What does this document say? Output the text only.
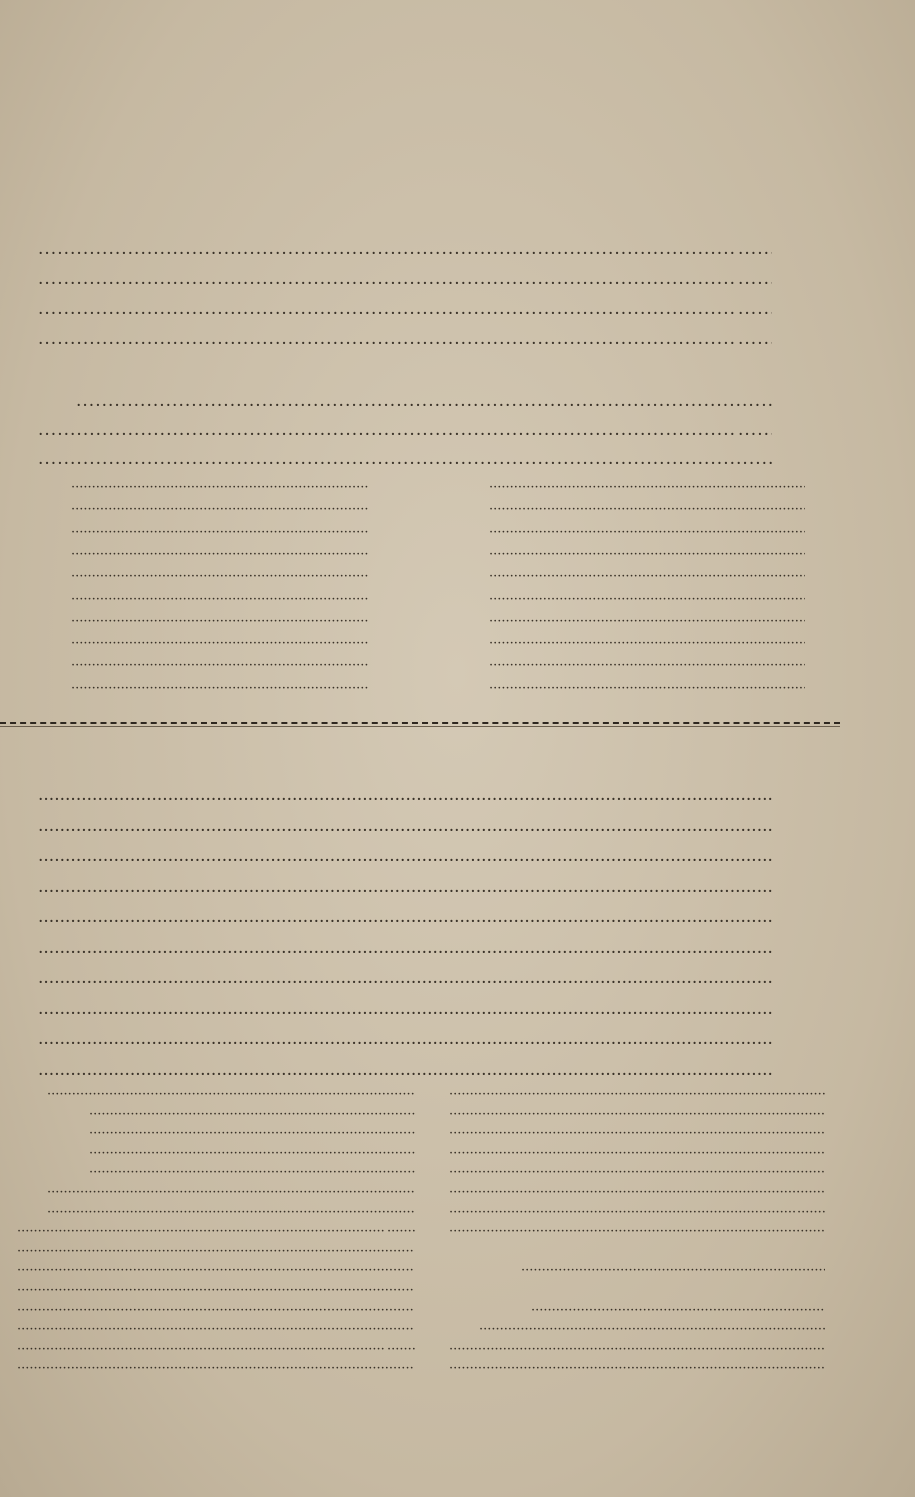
·····
·····
·····
·····
·····
·····
·····
·····
·····
·····
·····
·····
·····
·····
·····
·····
·····
·····
·····
·····
·····
·····
·····
·····
·····
·····
·····
·····
·····
·····
·····
·····
·····
·····
·····
·····
·····
·····
·····
·····
·····
·····
·····
·····
·····
·····
·····
·····
·····
·····
·····
·····
·····
·····
·····
·····
·····
·····
·····
·····
·····
·····
·····
·····
·····
·····
·····
·····
·····
·····
·····
·····
·····
·····
